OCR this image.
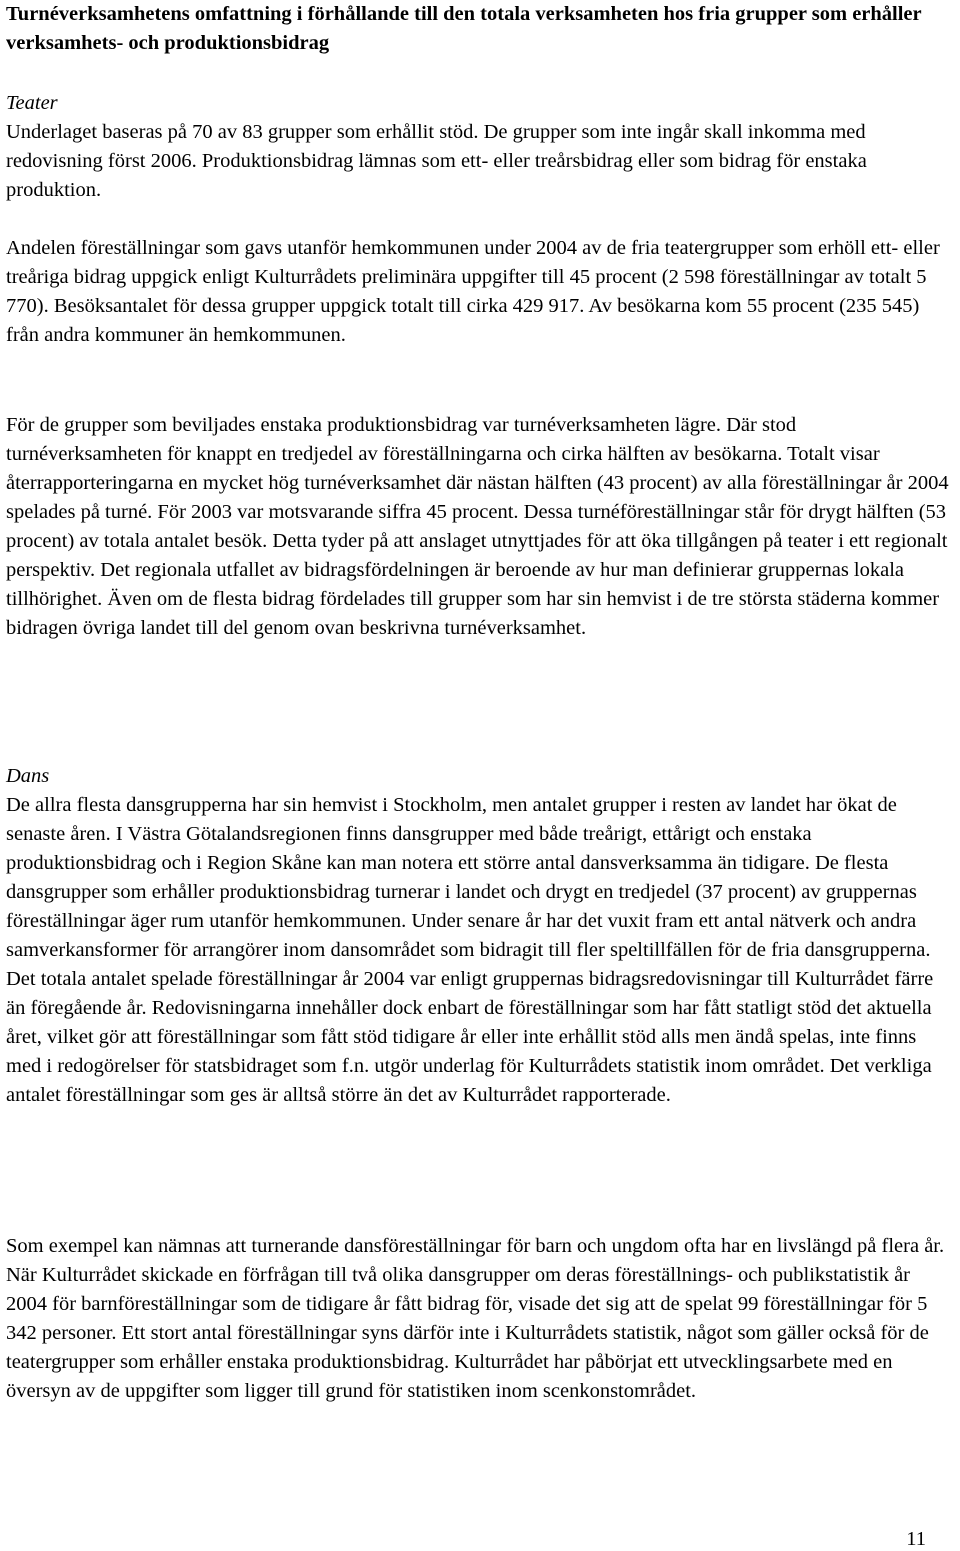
Turnéverksamhetens omfattning i förhållande till den totala verksamheten hos fria grupper som erhåller verksamhets- och produktionsbidrag

Teater

Underlaget baseras på 70 av 83 grupper som erhållit stöd. De grupper som inte ingår skall inkomma med redovisning först 2006. Produktionsbidrag lämnas som ett- eller treårsbidrag eller som bidrag för enstaka produktion.

Andelen föreställningar som gavs utanför hemkommunen under 2004 av de fria teatergrupper som erhöll ett- eller treåriga bidrag uppgick enligt Kulturrådets preliminära uppgifter till 45 procent (2 598 föreställningar av totalt 5 770). Besöksantalet för dessa grupper uppgick totalt till cirka 429 917. Av besökarna kom 55 procent (235 545) från andra kommuner än hemkommunen.

För de grupper som beviljades enstaka produktionsbidrag var turnéverksamheten lägre. Där stod turnéverksamheten för knappt en tredjedel av föreställningarna och cirka hälften av besökarna. Totalt visar återrapporteringarna en mycket hög turnéverksamhet där nästan hälften (43 procent) av alla föreställningar år 2004 spelades på turné. För 2003 var motsvarande siffra 45 procent. Dessa turnéföreställningar står för drygt hälften (53 procent) av totala antalet besök. Detta tyder på att anslaget utnyttjades för att öka tillgången på teater i ett regionalt perspektiv. Det regionala utfallet av bidragsfördelningen är beroende av hur man definierar gruppernas lokala tillhörighet. Även om de flesta bidrag fördelades till grupper som har sin hemvist i de tre största städerna kommer bidragen övriga landet till del genom ovan beskrivna turnéverksamhet.

Dans

De allra flesta dansgrupperna har sin hemvist i Stockholm, men antalet grupper i resten av landet har ökat de senaste åren. I Västra Götalandsregionen finns dansgrupper med både treårigt, ettårigt och enstaka produktionsbidrag och i Region Skåne kan man notera ett större antal dansverksamma än tidigare. De flesta dansgrupper som erhåller produktionsbidrag turnerar i landet och drygt en tredjedel (37 procent) av gruppernas föreställningar äger rum utanför hemkommunen. Under senare år har det vuxit fram ett antal nätverk och andra samverkansformer för arrangörer inom dansområdet som bidragit till fler speltillfällen för de fria dansgrupperna. Det totala antalet spelade föreställningar år 2004 var enligt gruppernas bidragsredovisningar till Kulturrådet färre än föregående år. Redovisningarna innehåller dock enbart de föreställningar som har fått statligt stöd det aktuella året, vilket gör att föreställningar som fått stöd tidigare år eller inte erhållit stöd alls men ändå spelas, inte finns med i redogörelser för statsbidraget som f.n. utgör underlag för Kulturrådets statistik inom området. Det verkliga antalet föreställningar som ges är alltså större än det av Kulturrådet rapporterade.

Som exempel kan nämnas att turnerande dansföreställningar för barn och ungdom ofta har en livslängd på flera år. När Kulturrådet skickade en förfrågan till två olika dansgrupper om deras föreställnings- och publikstatistik år 2004 för barnföreställningar som de tidigare år fått bidrag för, visade det sig att de spelat 99 föreställningar för 5 342 personer. Ett stort antal föreställningar syns därför inte i Kulturrådets statistik, något som gäller också för de teatergrupper som erhåller enstaka produktionsbidrag. Kulturrådet har påbörjat ett utvecklingsarbete med en översyn av de uppgifter som ligger till grund för statistiken inom scenkonstområdet.

11
